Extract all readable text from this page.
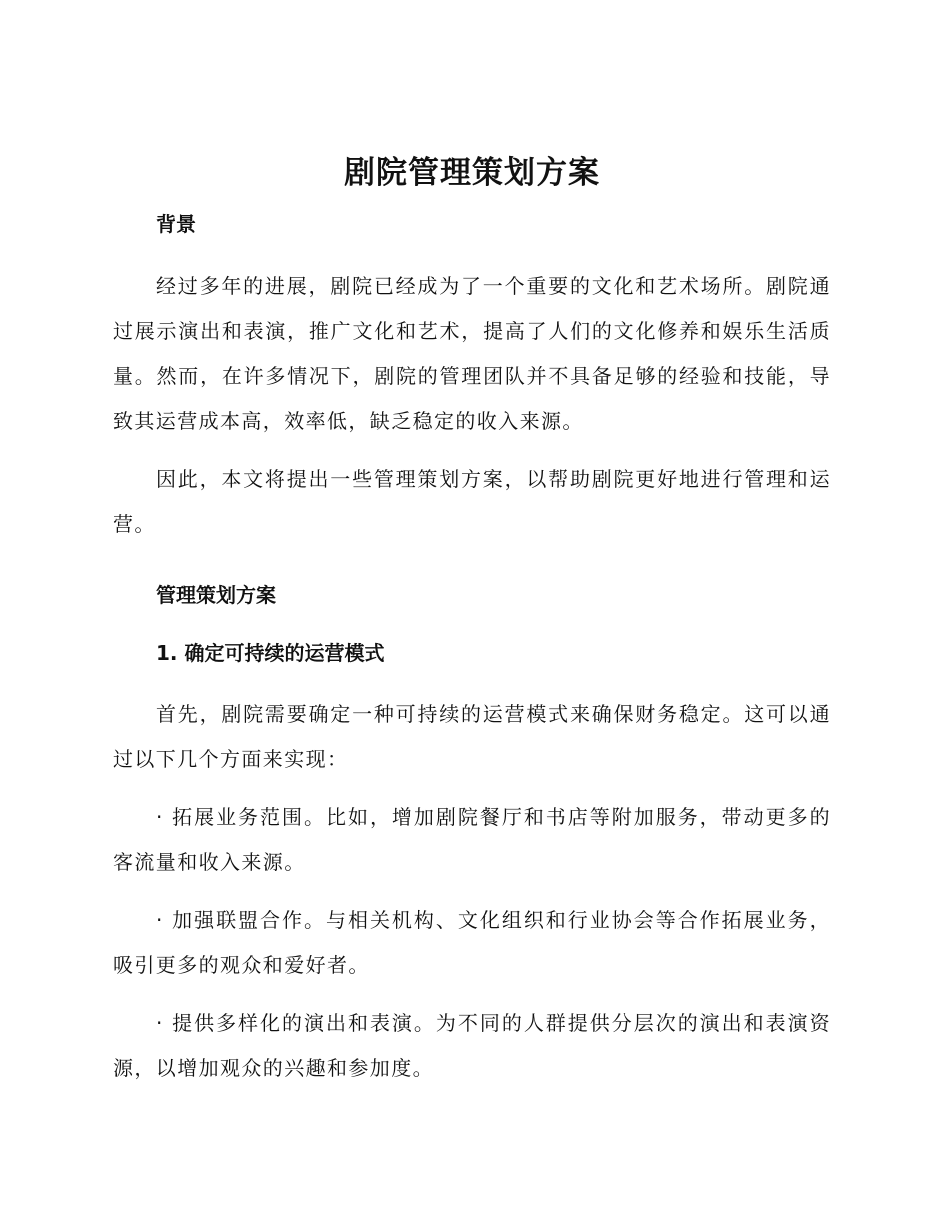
剧院管理策划方案
背景

经过多年的进展，剧院已经成为了一个重要的文化和艺术场所。剧院通过展示演出和表演，推广文化和艺术，提高了人们的文化修养和娱乐生活质量。然而，在许多情况下，剧院的管理团队并不具备足够的经验和技能，导致其运营成本高，效率低，缺乏稳定的收入来源。

因此，本文将提出一些管理策划方案，以帮助剧院更好地进行管理和运营。

管理策划方案
1. 确定可持续的运营模式

首先，剧院需要确定一种可持续的运营模式来确保财务稳定。这可以通过以下几个方面来实现：

· 拓展业务范围。比如，增加剧院餐厅和书店等附加服务，带动更多的客流量和收入来源。

· 加强联盟合作。与相关机构、文化组织和行业协会等合作拓展业务，吸引更多的观众和爱好者。

· 提供多样化的演出和表演。为不同的人群提供分层次的演出和表演资源，以增加观众的兴趣和参加度。
